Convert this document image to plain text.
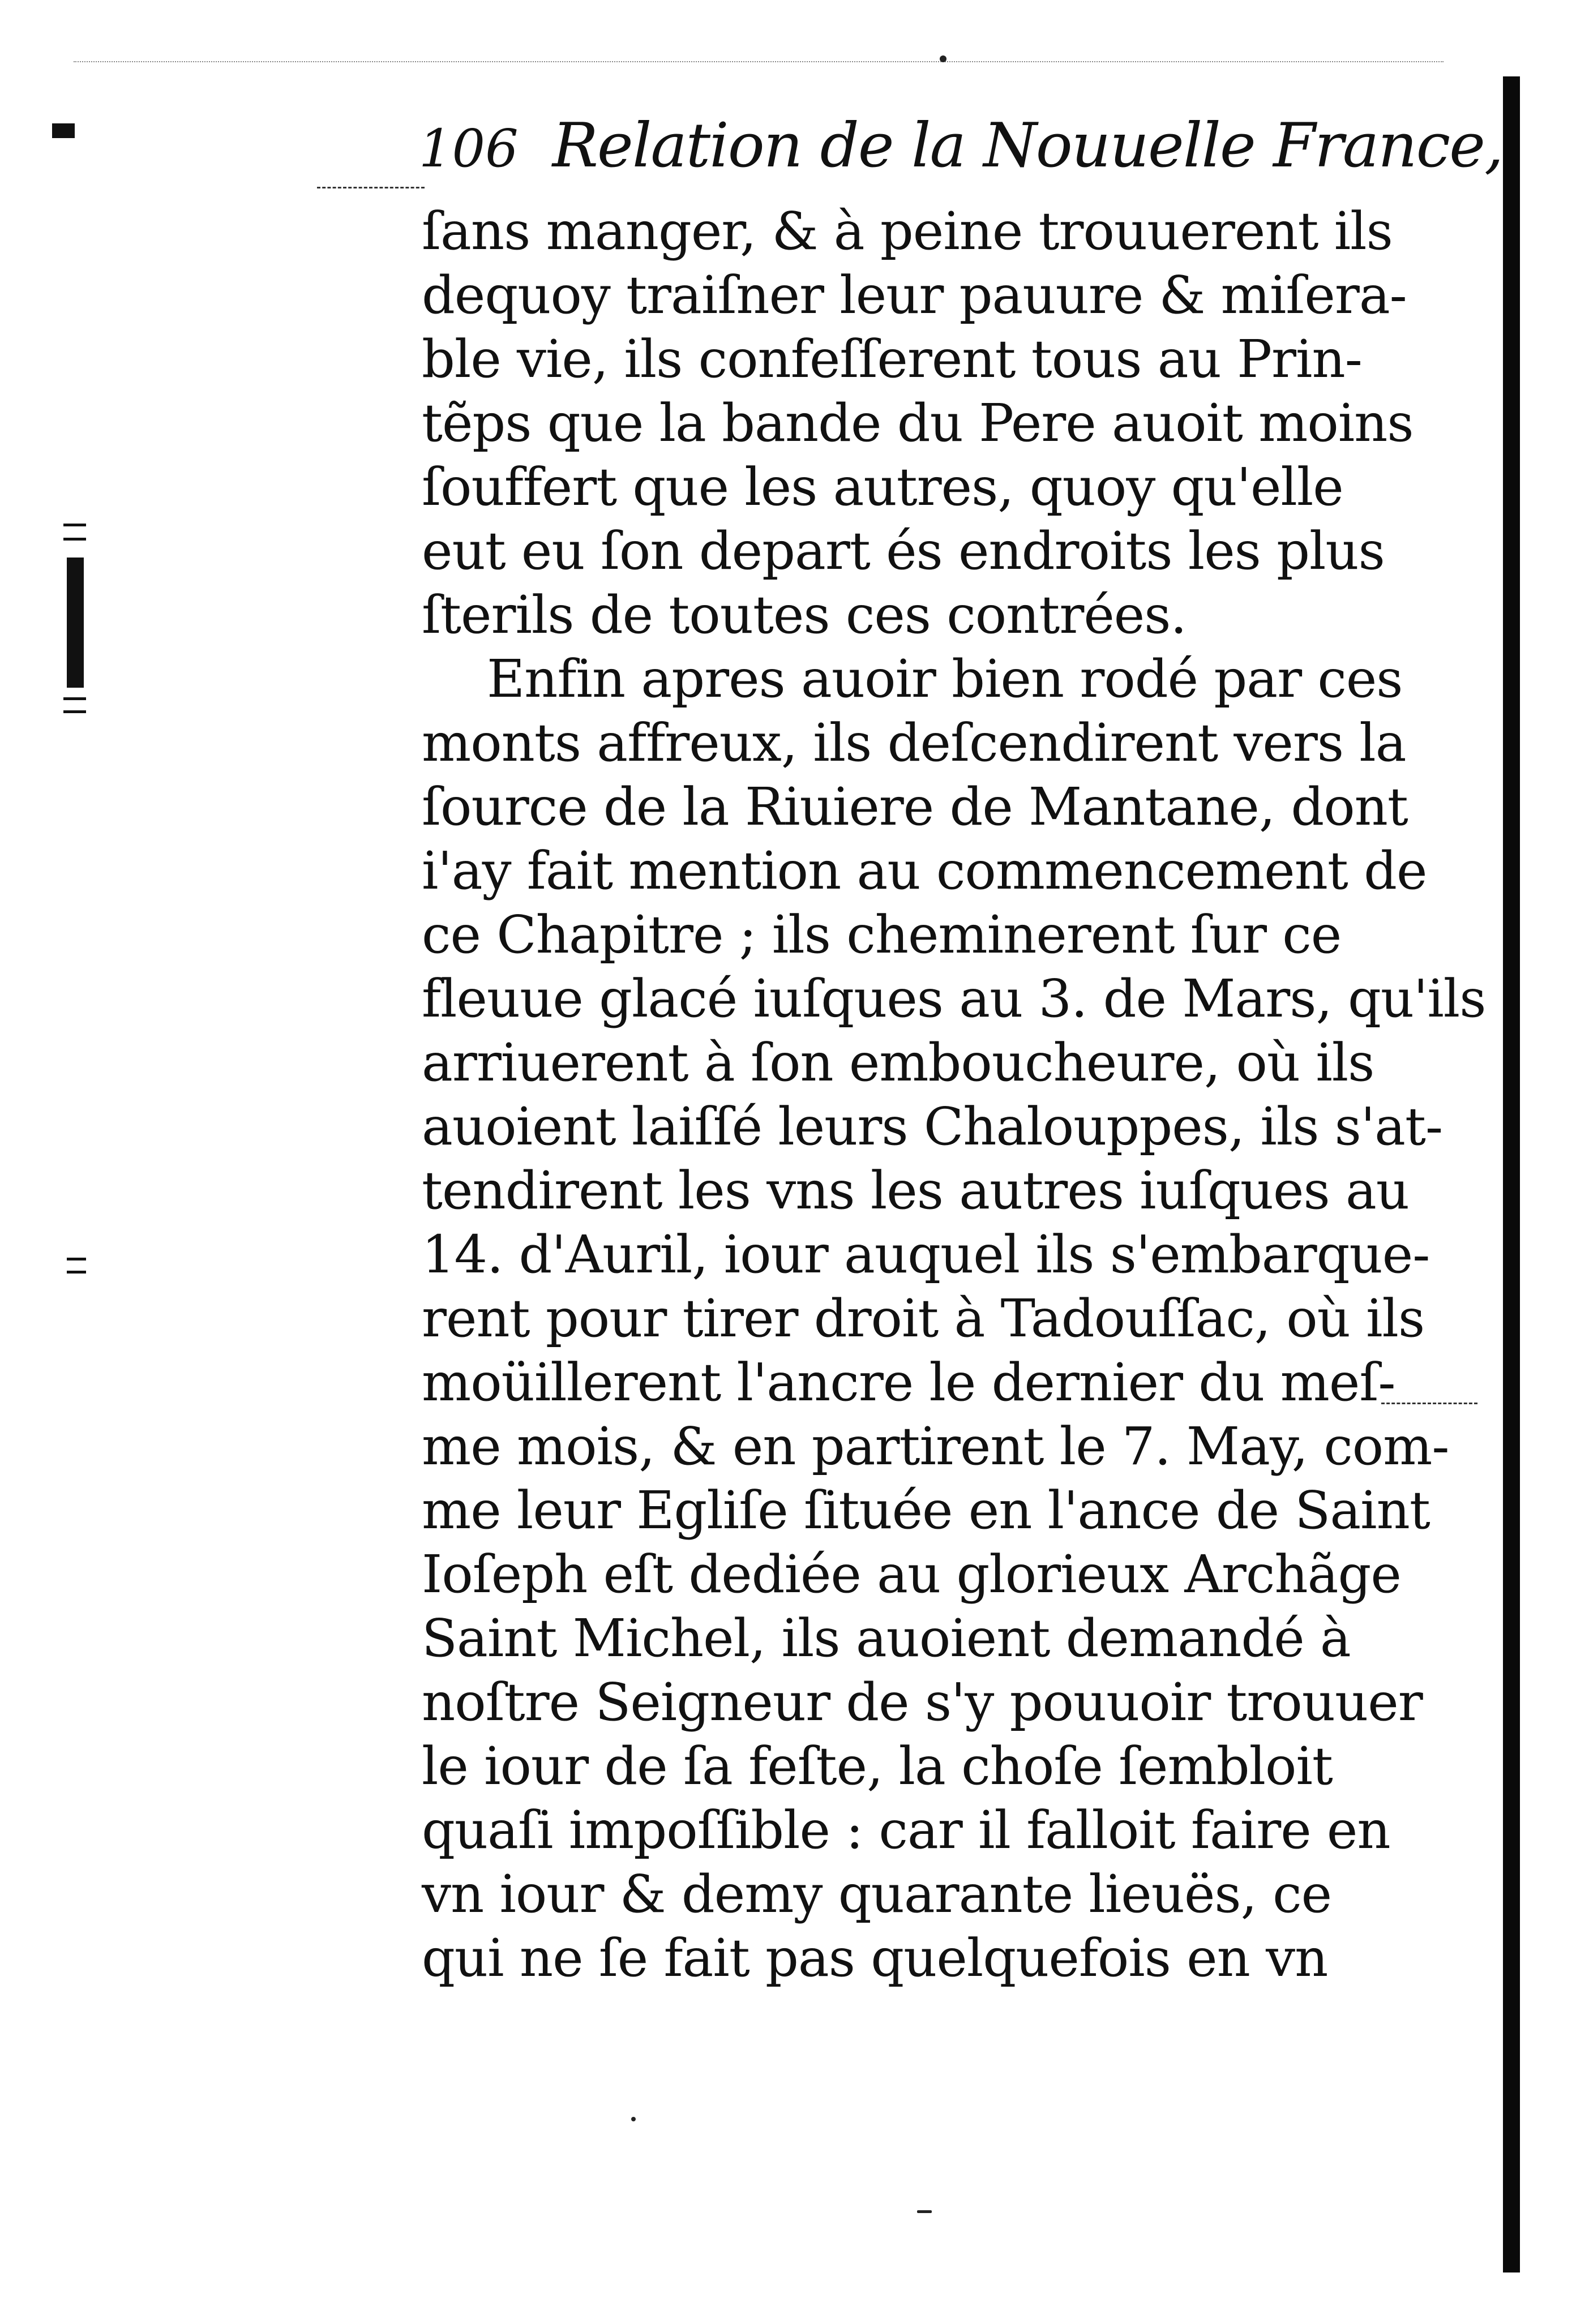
106 Relation de la Nouuelle France,
ſans manger, & à peine trouuerent ils
dequoy traiſner leur pauure & miſera-
ble vie, ils confeſſerent tous au Prin-
tẽps que la bande du Pere auoit moins
ſouffert que les autres, quoy qu'elle
eut eu ſon depart és endroits les plus
ſterils de toutes ces contrées.
Enfin apres auoir bien rodé par ces
monts affreux, ils deſcendirent vers la
ſource de la Riuiere de Mantane, dont
i'ay fait mention au commencement de
ce Chapitre ; ils cheminerent ſur ce
fleuue glacé iuſques au 3. de Mars, qu'ils
arriuerent à ſon emboucheure, où ils
auoient laiſſé leurs Chalouppes, ils s'at-
tendirent les vns les autres iuſques au
14. d'Auril, iour auquel ils s'embarque-
rent pour tirer droit à Tadouſſac, où ils
moüillerent l'ancre le dernier du meſ-
me mois, & en partirent le 7. May, com-
me leur Egliſe ſituée en l'ance de Saint
Ioſeph eſt dediée au glorieux Archãge
Saint Michel, ils auoient demandé à
noſtre Seigneur de s'y pouuoir trouuer
le iour de ſa feſte, la choſe ſembloit
quaſi impoſſible : car il falloit faire en
vn iour & demy quarante lieuës, ce
qui ne ſe fait pas quelquefois en vn
